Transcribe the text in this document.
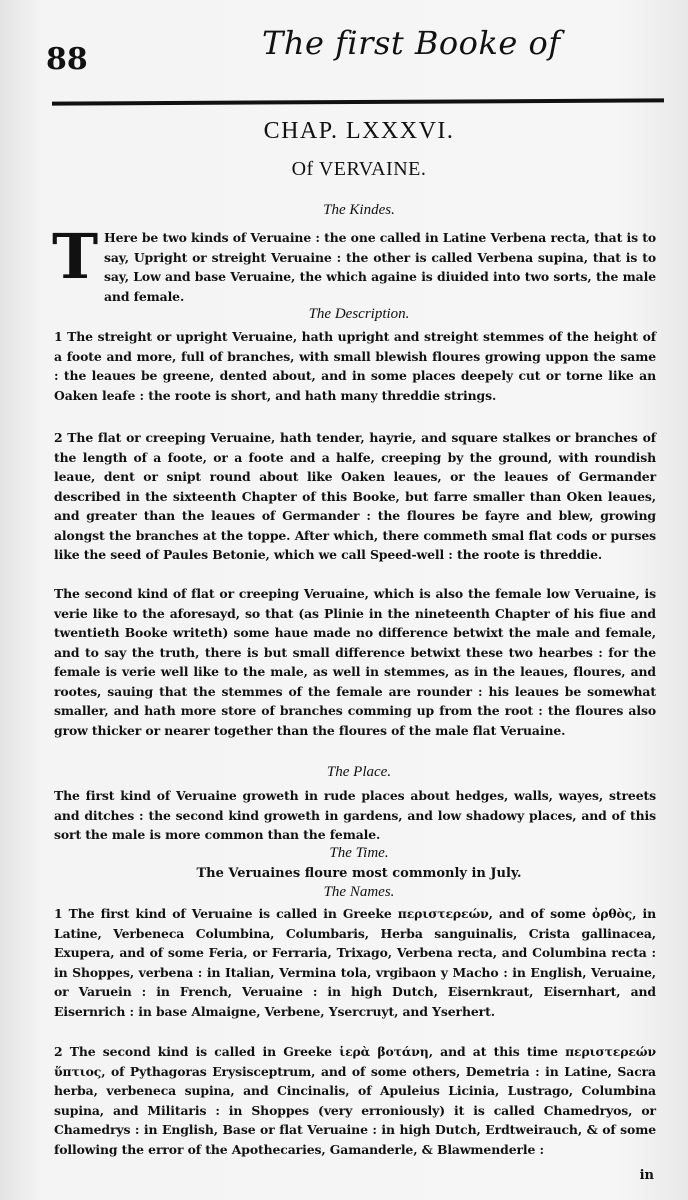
88	The first Booke of
CHAP. LXXXVI.
Of VERVAINE.
The Kindes.
T Here be two kinds of Veruaine : the one called in Latine Verbena recta, that is to say, Upright or streight Veruaine : the other is called Verbena supina, that is to say, Low and base Veruaine, the which againe is diuided into two sorts, the male and female.
The Description.
1 The streight or upright Veruaine, hath upright and streight stemmes of the height of a foote and more, full of branches, with small blewish floures growing uppon the same : the leaues be greene, dented about, and in some places deepely cut or torne like an Oaken leafe : the roote is short, and hath many threddie strings.
2 The flat or creeping Veruaine, hath tender, hayrie, and square stalkes or branches of the length of a foote, or a foote and a halfe, creeping by the ground, with roundish leaue, dent or snipt round about like Oaken leaues, or the leaues of Germander described in the sixteenth Chapter of this Booke, but farre smaller than Oken leaues, and greater than the leaues of Germander : the floures be fayre and blew, growing alongst the branches at the toppe. After which, there commeth smal flat cods or purses like the seed of Paules Betonie, which we call Speed-well : the roote is threddie.
The second kind of flat or creeping Veruaine, which is also the female low Veruaine, is verie like to the aforesayd, so that (as Plinie in the nineteenth Chapter of his fiue and twentieth Booke writeth) some haue made no difference betwixt the male and female, and to say the truth, there is but small difference betwixt these two hearbes : for the female is verie well like to the male, as well in stemmes, as in the leaues, floures, and rootes, sauing that the stemmes of the female are rounder : his leaues be somewhat smaller, and hath more store of branches comming up from the root : the floures also grow thicker or nearer together than the floures of the male flat Veruaine.
The Place.
The first kind of Veruaine groweth in rude places about hedges, walls, wayes, streets and ditches : the second kind groweth in gardens, and low shadowy places, and of this sort the male is more common than the female.
The Time.
The Veruaines floure most commonly in July.
The Names.
1 The first kind of Veruaine is called in Greeke περιστερεών, and of some ὀρθὸς, in Latine, Verbeneca Columbina, Columbaris, Herba sanguinalis, Crista gallinacea, Exupera, and of some Feria, or Ferraria, Trixago, Verbena recta, and Columbina recta : in Shoppes, verbena : in Italian, Vermina tola, vrgibaon y Macho : in English, Veruaine, or Varuein : in French, Veruaine : in high Dutch, Eisernkraut, Eisernhart, and Eisernrich : in base Almaigne, Verbene, Ysercruyt, and Yserhert.
2 The second kind is called in Greeke ἱερὰ βοτάνη, and at this time περιστερεών ὕπτιος, of Pythagoras Erysisceptrum, and of some others, Demetria : in Latine, Sacra herba, verbeneca supina, and Cincinalis, of Apuleius Licinia, Lustrago, Columbina supina, and Militaris : in Shoppes (very erroniously) it is called Chamedryos, or Chamedrys : in English, Base or flat Veruaine : in high Dutch, Erdtweirauch, & of some following the error of the Apothecaries, Gamanderle, & Blawmenderle :
in
